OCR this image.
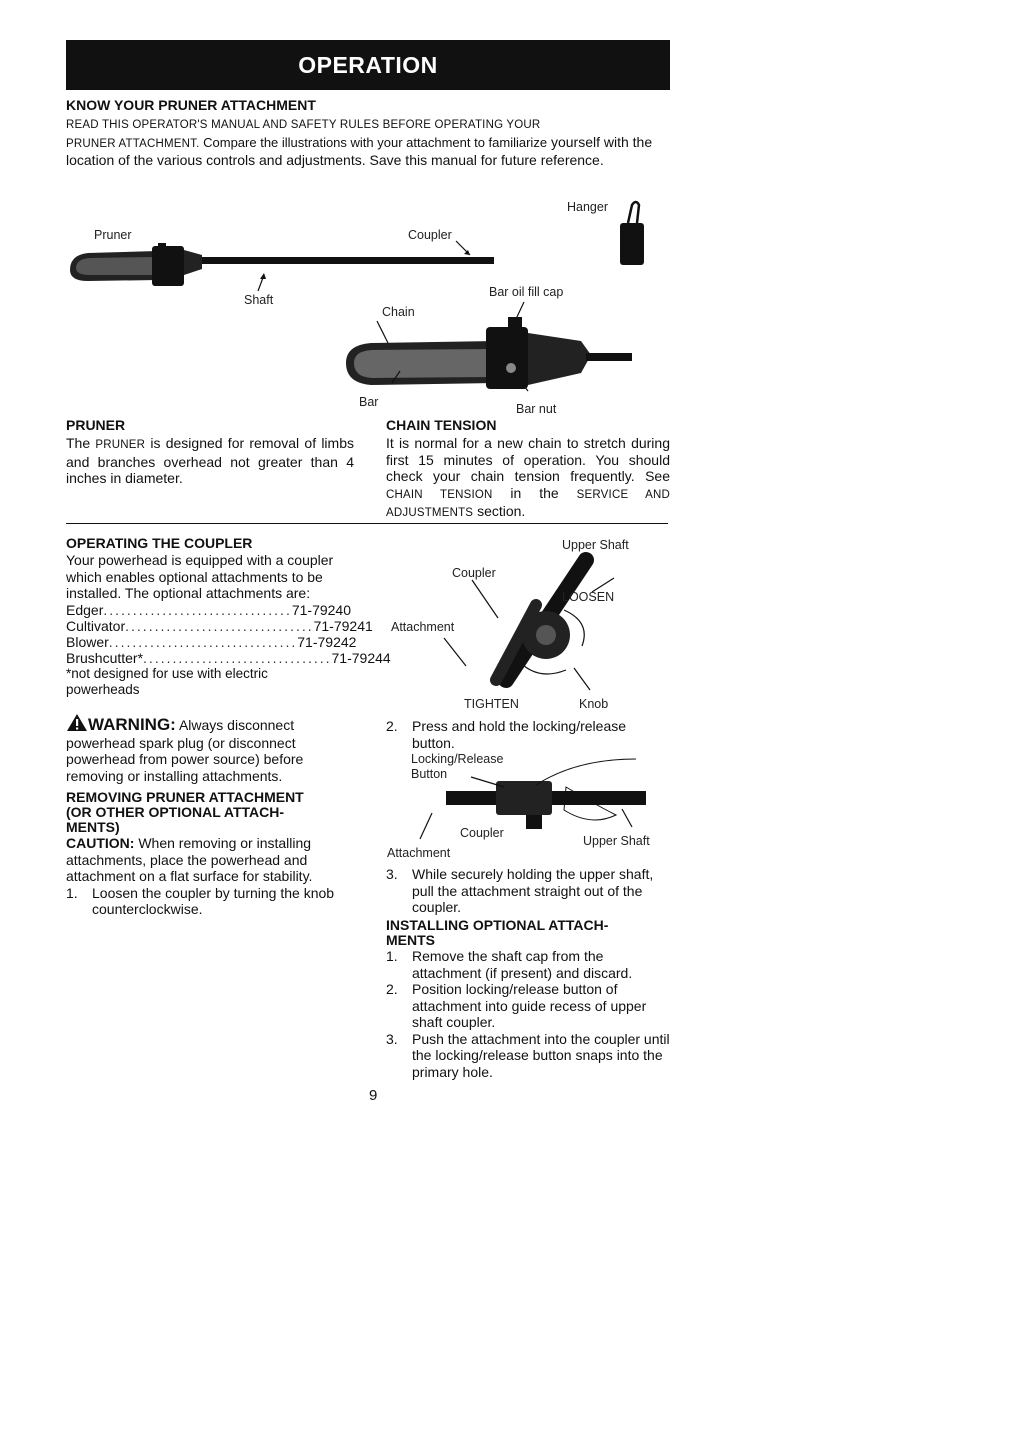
OPERATION
KNOW YOUR PRUNER ATTACHMENT

READ THIS OPERATOR'S MANUAL AND SAFETY RULES BEFORE OPERATING YOUR
PRUNER ATTACHMENT. Compare the illustrations with your attachment to familiarize yourself with the location of the various controls and adjustments. Save this manual for future reference.

Pruner	Coupler
Hanger
Shaft
Bar oil fill cap
Chain
Bar	Bar nut
PRUNER

The PRUNER is designed for removal of limbs and branches overhead not greater than 4 inches in diameter.

CHAIN TENSION

It is normal for a new chain to stretch during first 15 minutes of operation. You should check your chain tension frequently. See CHAIN TENSION in the SERVICE AND ADJUSTMENTS section.

OPERATING THE COUPLER

Your powerhead is equipped with a coupler which enables optional attachments to be installed. The optional attachments are:

Edger ................................ 71-79240
Cultivator ................................ 71-79241
Blower ................................ 71-79242
Brushcutter* ................................ 71-79244

*not designed for use with electric powerheads

WARNING: Always disconnect

powerhead spark plug (or disconnect powerhead from power source) before removing or installing attachments.

REMOVING PRUNER ATTACHMENT
(OR OTHER OPTIONAL ATTACH-
MENTS)

CAUTION: When removing or installing attachments, place the powerhead and attachment on a flat surface for stability.

1. Loosen the coupler by turning the knob counterclockwise.
Upper Shaft
Coupler
LOOSEN
Attachment
TIGHTEN	Knob
2. Press and hold the locking/release button.
Locking/Release
Button
Coupler
Attachment
Upper Shaft
3. While securely holding the upper shaft, pull the attachment straight out of the coupler.
INSTALLING OPTIONAL ATTACH-
MENTS
1. Remove the shaft cap from the attachment (if present) and discard.
2. Position locking/release button of attachment into guide recess of upper shaft coupler.
3. Push the attachment into the coupler until the locking/release button snaps into the primary hole.
9
